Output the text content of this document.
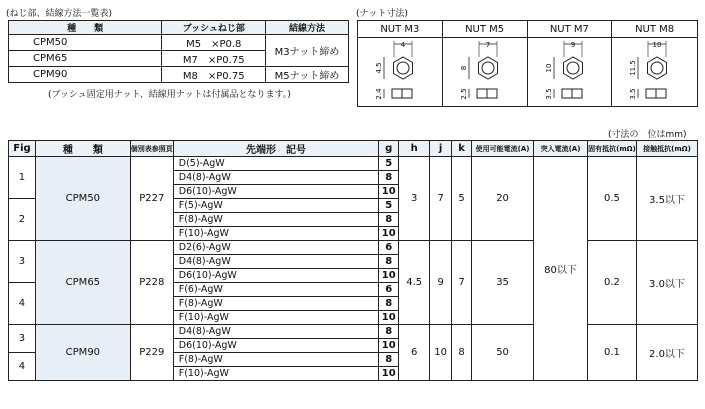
(ねじ部、結線方法一覧表)
種　　類	ブッシュねじ部	結線方法
CPM50	M5　×P0.8	M3ナット締め
CPM65	M7　×P0.75	
CPM90	M8　×P0.75	M5ナット締め
(ブッシュ固定用ナット、結線用ナットは付属品となります。)
(ナット寸法)
NUT M3	NUT M5	NUT M7	NUT M8

4
4.5
2.4	7
8
2.5	9
10
3.5	10
11.5
3.5
(寸法の　位はmm)
Fig	種　　類	個別表参照頁	先端形　記号	g	h	j	k	使用可能電流(A)	突入電流(A)	固有抵抗(mΩ)	接触抵抗(mΩ)
1	CPM50	P227	D(5)-AgW	5	3	7	5	20	80以下	0.5	3.5以下
			D4(8)-AgW	8							
			D6(10)-AgW	10							
2			F(5)-AgW	5							
			F(8)-AgW	8							
			F(10)-AgW	10							
3	CPM65	P228	D2(6)-AgW	6	4.5	9	7	35		0.2	3.0以下
			D4(8)-AgW	8							
			D6(10)-AgW	10							
4			F(6)-AgW	6							
			F(8)-AgW	8							
			F(10)-AgW	10							
3	CPM90	P229	D4(8)-AgW	8	6	10	8	50		0.1	2.0以下
			D6(10)-AgW	10							
4			F(8)-AgW	8							
			F(10)-AgW	10							
